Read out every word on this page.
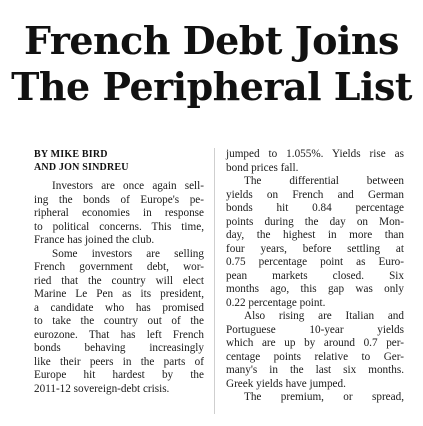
French Debt Joins
The Peripheral List
BY MIKE BIRD
AND JON SINDREU
Investors are once again sell-
ing the bonds of Europe's pe-
ripheral economies in response
to political concerns. This time,
France has joined the club.
Some investors are selling
French government debt, wor-
ried that the country will elect
Marine Le Pen as its president,
a candidate who has promised
to take the country out of the
eurozone. That has left French
bonds behaving increasingly
like their peers in the parts of
Europe hit hardest by the
2011-12 sovereign-debt crisis.
jumped to 1.055%. Yields rise as
bond prices fall.
The differential between
yields on French and German
bonds hit 0.84 percentage
points during the day on Mon-
day, the highest in more than
four years, before settling at
0.75 percentage point as Euro-
pean markets closed. Six
months ago, this gap was only
0.22 percentage point.
Also rising are Italian and
Portuguese 10-year yields
which are up by around 0.7 per-
centage points relative to Ger-
many's in the last six months.
Greek yields have jumped.
The premium, or spread,
